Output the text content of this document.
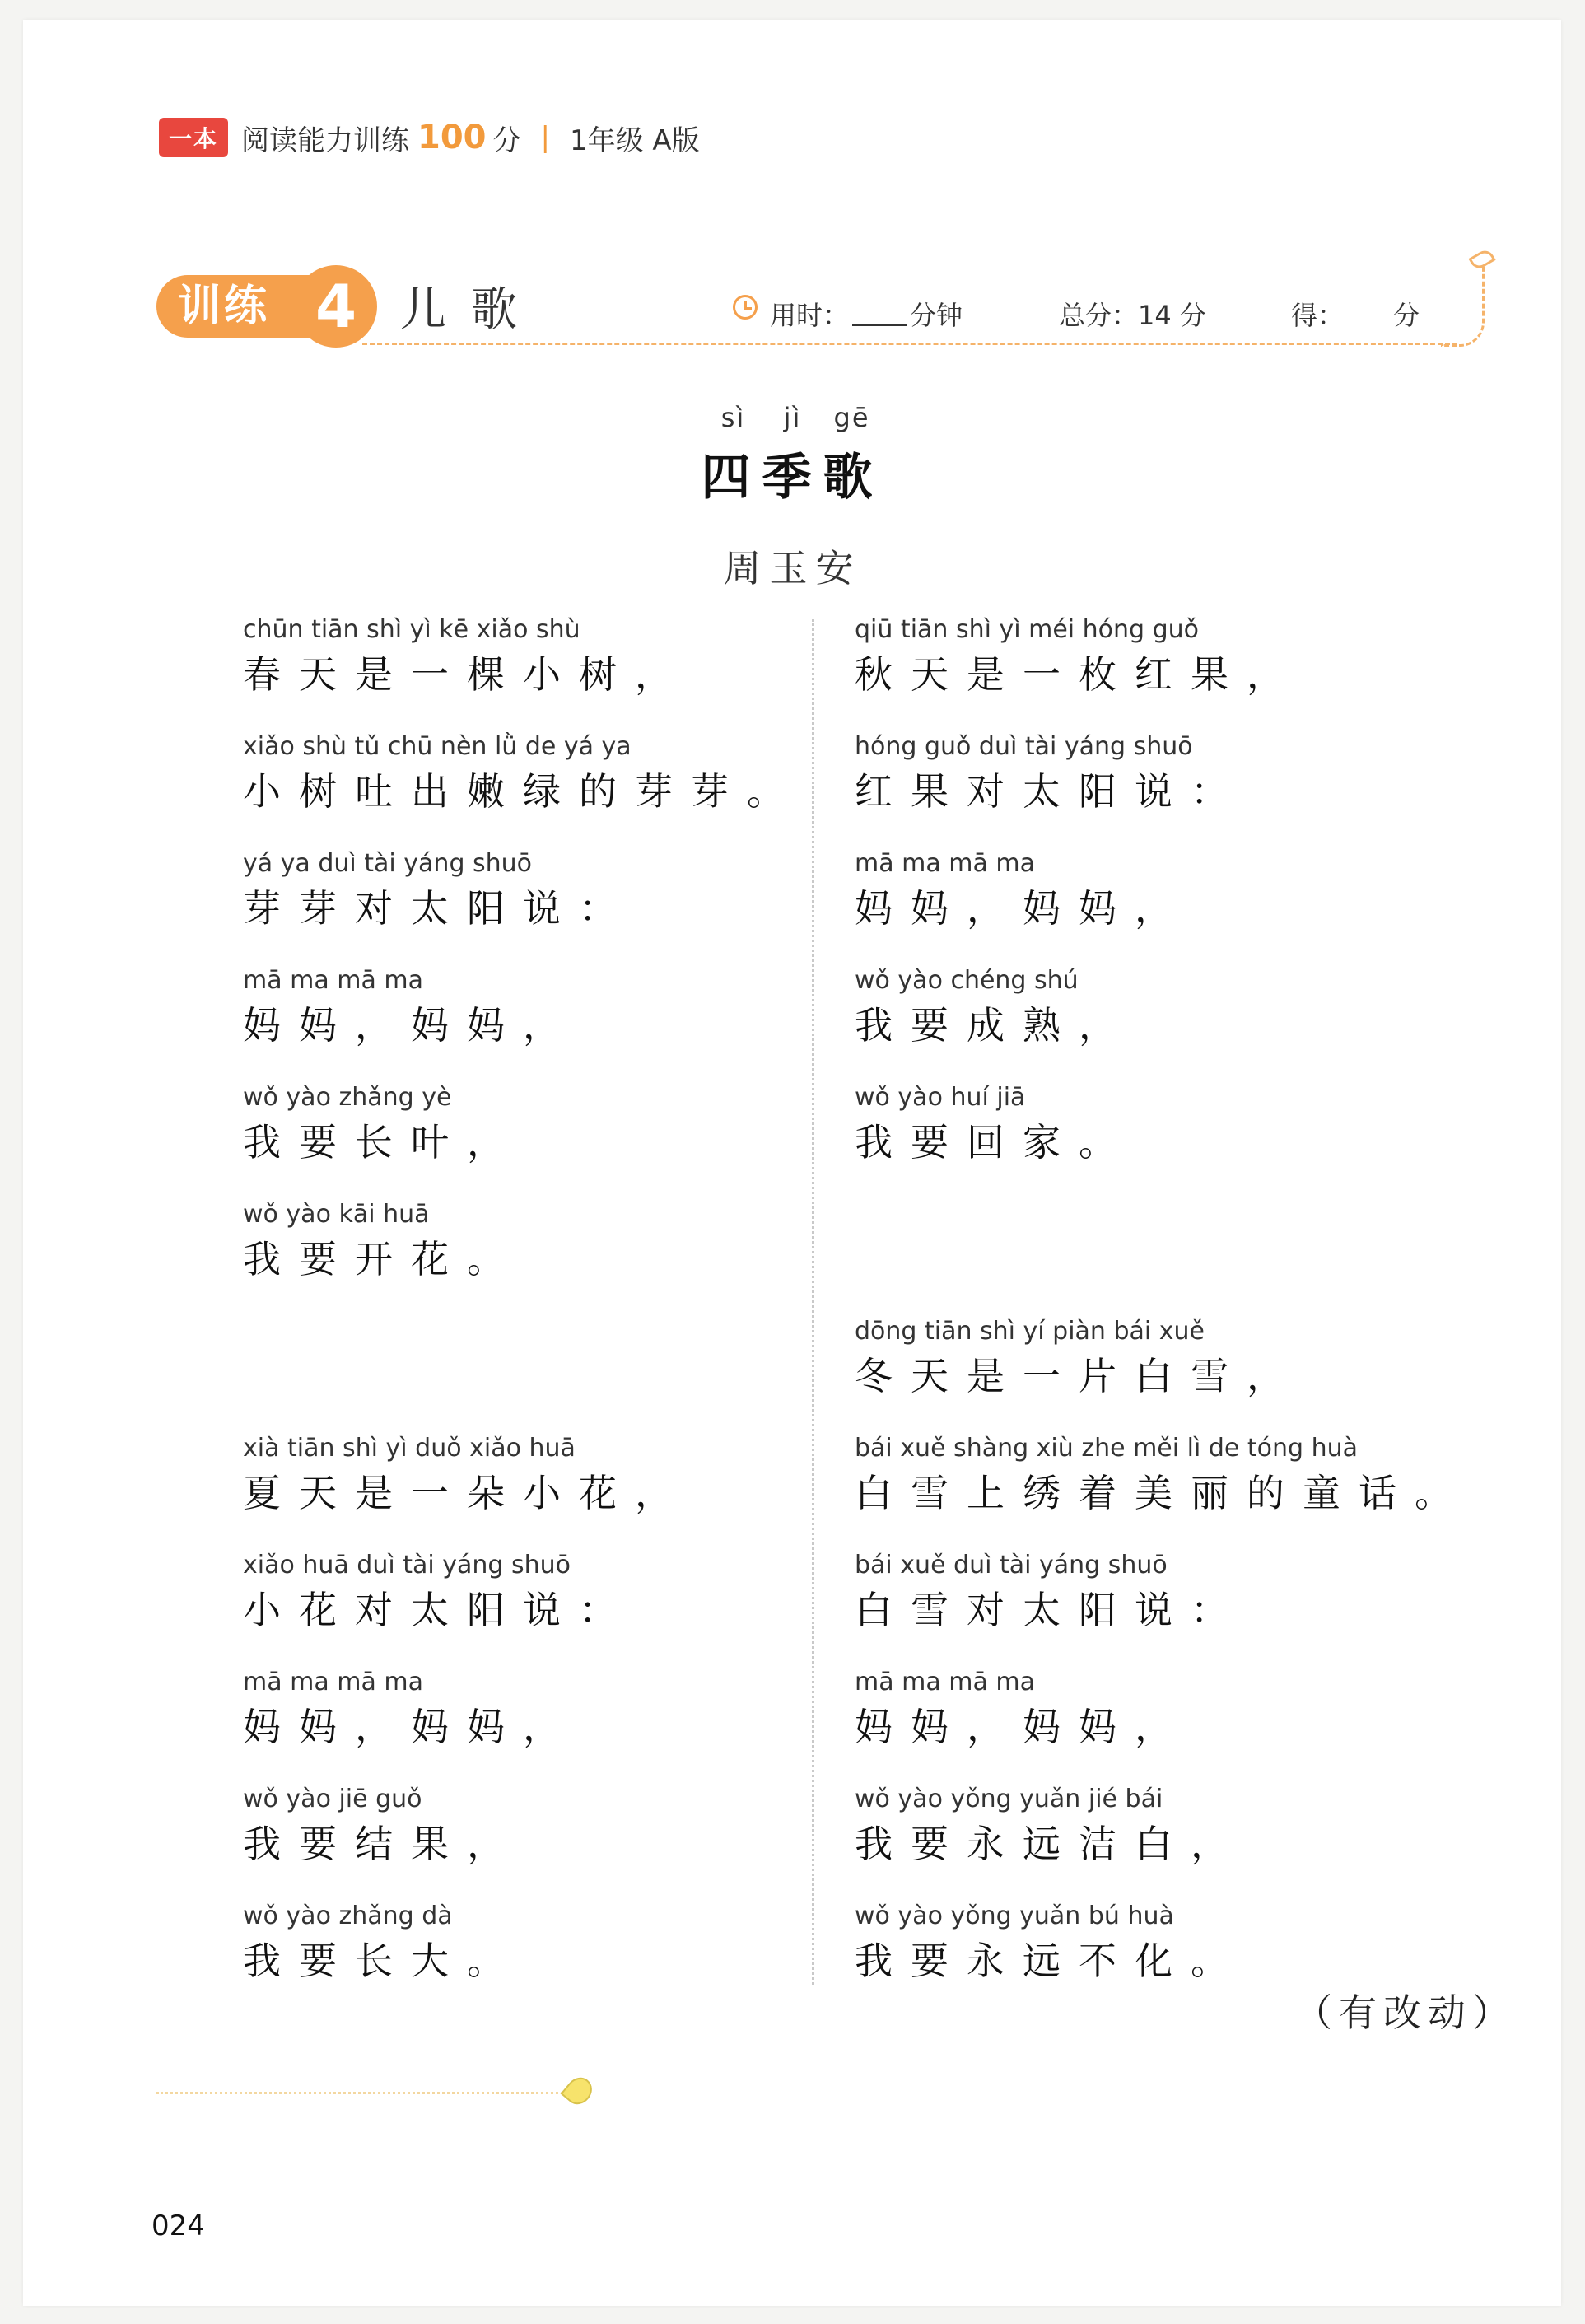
一本 阅读能力训练 100 分 | 1年级 A版
训练 4 儿歌	用时： 分钟	总分：14 分	得： 分
sì jì gē
四季歌
周玉安
chūn tiān shì yì kē xiǎo shù
春天是一棵小树，
xiǎo shù tǔ chū nèn lǜ de yá ya
小树吐出嫩绿的芽芽。
yá ya duì tài yáng shuō
芽芽对太阳说：
mā ma mā ma
妈妈，妈妈，
wǒ yào zhǎng yè
我要长叶，
wǒ yào kāi huā
我要开花。
xià tiān shì yì duǒ xiǎo huā
夏天是一朵小花，
xiǎo huā duì tài yáng shuō
小花对太阳说：
mā ma mā ma
妈妈，妈妈，
wǒ yào jiē guǒ
我要结果，
wǒ yào zhǎng dà
我要长大。
qiū tiān shì yì méi hóng guǒ
秋天是一枚红果，
hóng guǒ duì tài yáng shuō
红果对太阳说：
mā ma mā ma
妈妈，妈妈，
wǒ yào chéng shú
我要成熟，
wǒ yào huí jiā
我要回家。
dōng tiān shì yí piàn bái xuě
冬天是一片白雪，
bái xuě shàng xiù zhe měi lì de tóng huà
白雪上绣着美丽的童话。
bái xuě duì tài yáng shuō
白雪对太阳说：
mā ma mā ma
妈妈，妈妈，
wǒ yào yǒng yuǎn jié bái
我要永远洁白，
wǒ yào yǒng yuǎn bú huà
我要永远不化。
（有改动）
024
